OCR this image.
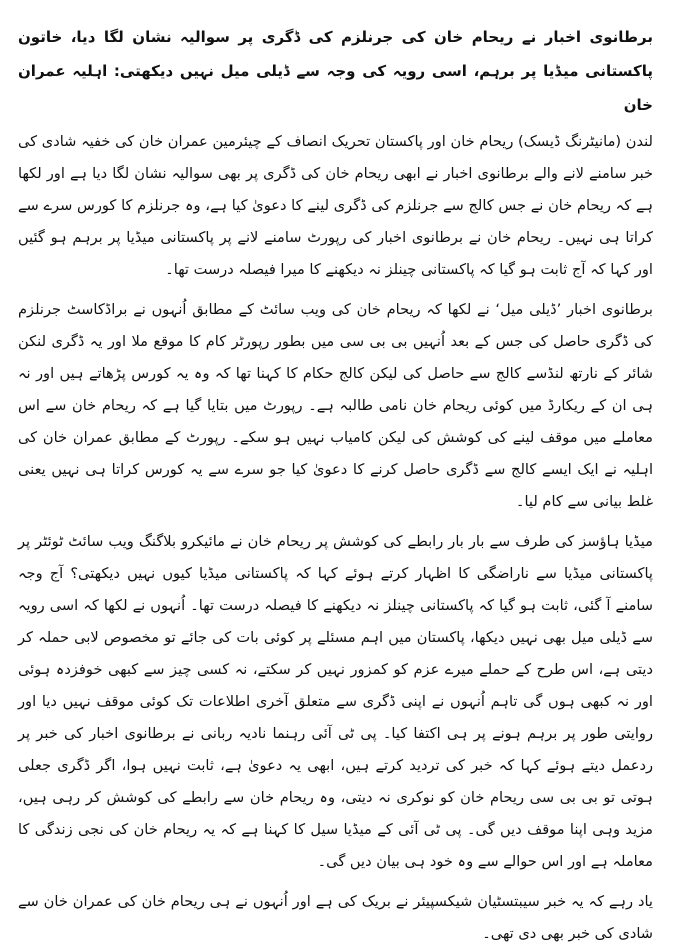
برطانوی اخبار نے ریحام خان کی جرنلزم کی ڈگری پر سوالیہ نشان لگا دیا، خاتون پاکستانی میڈیا پر برہم، اسی رویہ کی وجہ سے ڈیلی میل نہیں دیکھتی: اہلیہ عمران خان

لندن (مانیٹرنگ ڈیسک) ریحام خان اور پاکستان تحریک انصاف کے چیئرمین عمران خان کی خفیہ شادی کی خبر سامنے لانے والے برطانوی اخبار نے ابھی ریحام خان کی ڈگری پر بھی سوالیہ نشان لگا دیا ہے اور لکھا ہے کہ ریحام خان نے جس کالج سے جرنلزم کی ڈگری لینے کا دعویٰ کیا ہے، وہ جرنلزم کا کورس سرے سے کراتا ہی نہیں۔ ریحام خان نے برطانوی اخبار کی رپورٹ سامنے لانے پر پاکستانی میڈیا پر برہم ہو گئیں اور کہا کہ آج ثابت ہو گیا کہ پاکستانی چینلز نہ دیکھنے کا میرا فیصلہ درست تھا۔

برطانوی اخبار ’ڈیلی میل‘ نے لکھا کہ ریحام خان کی ویب سائٹ کے مطابق اُنہوں نے براڈکاسٹ جرنلزم کی ڈگری حاصل کی جس کے بعد اُنہیں بی بی سی میں بطور رپورٹر کام کا موقع ملا اور یہ ڈگری لنکن شائر کے نارتھ لنڈسے کالج سے حاصل کی لیکن کالج حکام کا کہنا تھا کہ وہ یہ کورس پڑھاتے ہیں اور نہ ہی ان کے ریکارڈ میں کوئی ریحام خان نامی طالبہ ہے۔ رپورٹ میں بتایا گیا ہے کہ ریحام خان سے اس معاملے میں موقف لینے کی کوشش کی لیکن کامیاب نہیں ہو سکے۔ رپورٹ کے مطابق عمران خان کی اہلیہ نے ایک ایسے کالج سے ڈگری حاصل کرنے کا دعویٰ کیا جو سرے سے یہ کورس کراتا ہی نہیں یعنی غلط بیانی سے کام لیا۔

میڈیا ہاؤسز کی طرف سے بار بار رابطے کی کوشش پر ریحام خان نے مائیکرو بلاگنگ ویب سائٹ ٹوئٹر پر پاکستانی میڈیا سے ناراضگی کا اظہار کرتے ہوئے کہا کہ پاکستانی میڈیا کیوں نہیں دیکھتی؟ آج وجہ سامنے آ گئی، ثابت ہو گیا کہ پاکستانی چینلز نہ دیکھنے کا فیصلہ درست تھا۔ اُنہوں نے لکھا کہ اسی رویہ سے ڈیلی میل بھی نہیں دیکھا، پاکستان میں اہم مسئلے پر کوئی بات کی جائے تو مخصوص لابی حملہ کر دیتی ہے، اس طرح کے حملے میرے عزم کو کمزور نہیں کر سکتے، نہ کسی چیز سے کبھی خوفزدہ ہوئی اور نہ کبھی ہوں گی تاہم اُنہوں نے اپنی ڈگری سے متعلق آخری اطلاعات تک کوئی موقف نہیں دیا اور روایتی طور پر برہم ہونے پر ہی اکتفا کیا۔ پی ٹی آئی رہنما نادیہ ربانی نے برطانوی اخبار کی خبر پر ردعمل دیتے ہوئے کہا کہ خبر کی تردید کرتے ہیں، ابھی یہ دعویٰ ہے، ثابت نہیں ہوا، اگر ڈگری جعلی ہوتی تو بی بی سی ریحام خان کو نوکری نہ دیتی، وہ ریحام خان سے رابطے کی کوشش کر رہی ہیں، مزید وہی اپنا موقف دیں گی۔ پی ٹی آئی کے میڈیا سیل کا کہنا ہے کہ یہ ریحام خان کی نجی زندگی کا معاملہ ہے اور اس حوالے سے وہ خود ہی بیان دیں گی۔

یاد رہے کہ یہ خبر سیبتسٹیان شیکسپیئر نے بریک کی ہے اور اُنہوں نے ہی ریحام خان کی عمران خان سے شادی کی خبر بھی دی تھی۔
